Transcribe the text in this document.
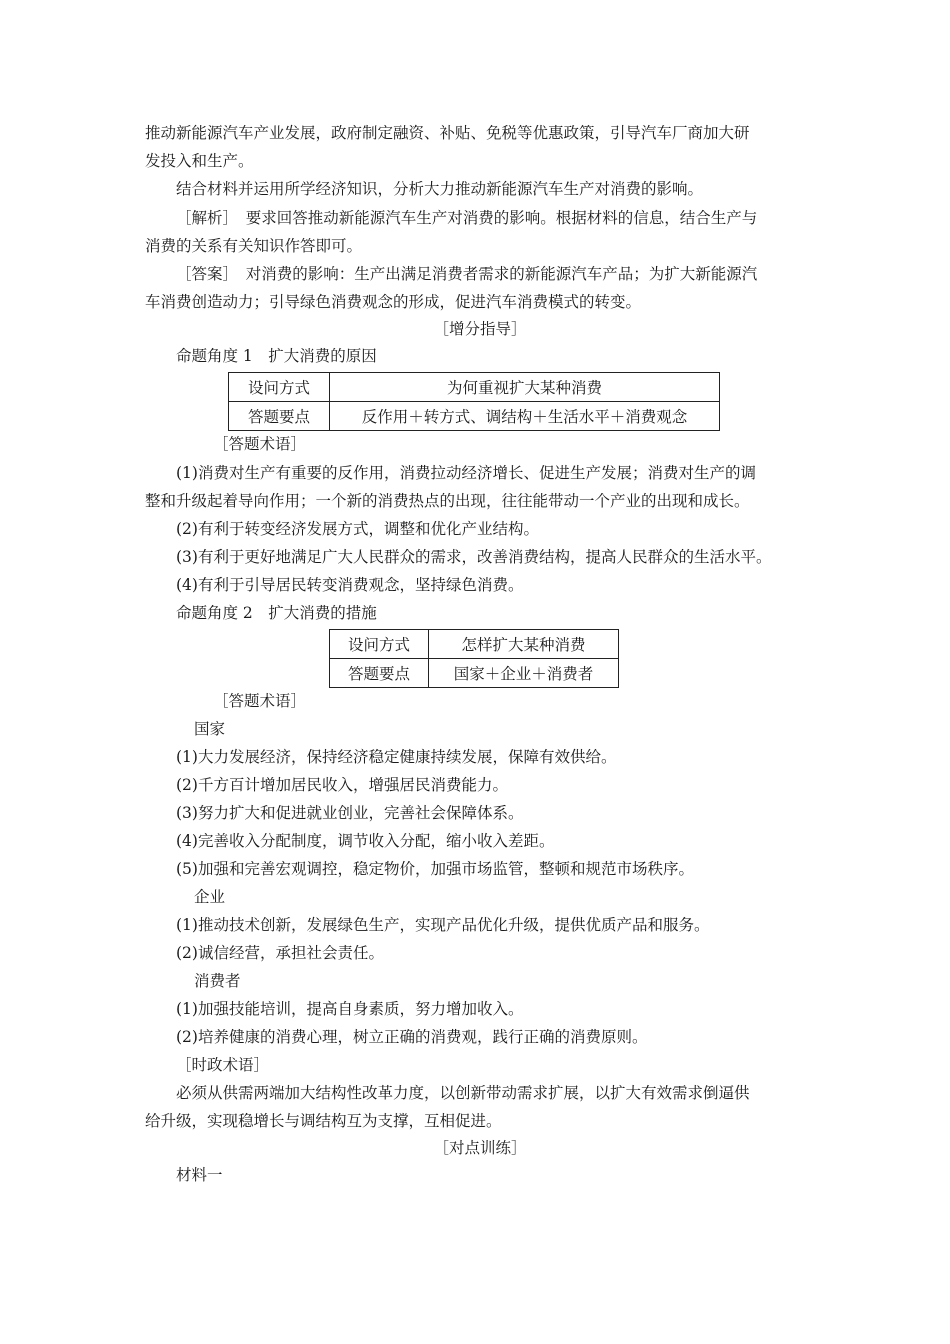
推动新能源汽车产业发展，政府制定融资、补贴、免税等优惠政策，引导汽车厂商加大研
发投入和生产。
结合材料并运用所学经济知识，分析大力推动新能源汽车生产对消费的影响。
［解析］　要求回答推动新能源汽车生产对消费的影响。根据材料的信息，结合生产与
消费的关系有关知识作答即可。
［答案］　对消费的影响：生产出满足消费者需求的新能源汽车产品；为扩大新能源汽
车消费创造动力；引导绿色消费观念的形成，促进汽车消费模式的转变。
［增分指导］
命题角度 1　扩大消费的原因
设问方式	为何重视扩大某种消费
答题要点	反作用＋转方式、调结构＋生活水平＋消费观念
［答题术语］
(1)消费对生产有重要的反作用，消费拉动经济增长、促进生产发展；消费对生产的调
整和升级起着导向作用；一个新的消费热点的出现，往往能带动一个产业的出现和成长。
(2)有利于转变经济发展方式，调整和优化产业结构。
(3)有利于更好地满足广大人民群众的需求，改善消费结构，提高人民群众的生活水平。
(4)有利于引导居民转变消费观念，坚持绿色消费。
命题角度 2　扩大消费的措施
设问方式	怎样扩大某种消费
答题要点	国家＋企业＋消费者
［答题术语］
国家
(1)大力发展经济，保持经济稳定健康持续发展，保障有效供给。
(2)千方百计增加居民收入，增强居民消费能力。
(3)努力扩大和促进就业创业，完善社会保障体系。
(4)完善收入分配制度，调节收入分配，缩小收入差距。
(5)加强和完善宏观调控，稳定物价，加强市场监管，整顿和规范市场秩序。
企业
(1)推动技术创新，发展绿色生产，实现产品优化升级，提供优质产品和服务。
(2)诚信经营，承担社会责任。
消费者
(1)加强技能培训，提高自身素质，努力增加收入。
(2)培养健康的消费心理，树立正确的消费观，践行正确的消费原则。
［时政术语］
必须从供需两端加大结构性改革力度，以创新带动需求扩展，以扩大有效需求倒逼供
给升级，实现稳增长与调结构互为支撑，互相促进。
［对点训练］
材料一
